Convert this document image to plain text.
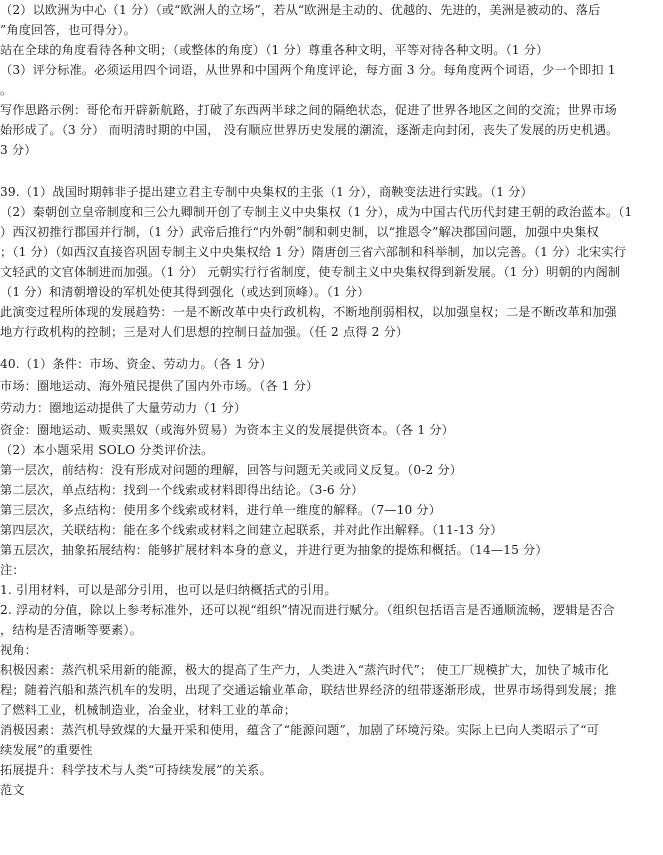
（2）以欧洲为中心（1 分）（或“欧洲人的立场”，若从“欧洲是主动的、优越的、先进的，美洲是被动的、落后
”角度回答，也可得分）。
站在全球的角度看待各种文明；（或整体的角度）（1 分）尊重各种文明，平等对待各种文明。（1 分）
（3）评分标准。必须运用四个词语，从世界和中国两个角度评论，每方面 3 分。每角度两个词语，少一个即扣 1
。
写作思路示例：哥伦布开辟新航路，打破了东西两半球之间的隔绝状态，促进了世界各地区之间的交流；世界市场
始形成了。（3 分） 而明清时期的中国， 没有顺应世界历史发展的潮流，逐渐走向封闭，丧失了发展的历史机遇。
3 分）
39.（1）战国时期韩非子提出建立君主专制中央集权的主张（1 分），商鞅变法进行实践。（1 分）
（2）秦朝创立皇帝制度和三公九卿制开创了专制主义中央集权（1 分），成为中国古代历代封建王朝的政治蓝本。（1
）西汉初推行郡国并行制，（1 分）武帝后推行“内外朝”制和刺史制，以“推恩令”解决郡国问题，加强中央集权
；（1 分）（如西汉直接咨巩固专制主义中央集权给 1 分）隋唐创三省六部制和科举制，加以完善。（1 分）北宋实行
文轻武的文官体制进而加强。（1 分） 元朝实行行省制度，使专制主义中央集权得到新发展。（1 分）明朝的内阁制
（1 分）和清朝增设的军机处使其得到强化（或达到顶峰）。（1 分）
此演变过程所体现的发展趋势：一是不断改革中央行政机构，不断地削弱相权，以加强皇权；二是不断改革和加强
地方行政机构的控制；三是对人们思想的控制日益加强。（任 2 点得 2 分）
40.（1）条件：市场、资金、劳动力。（各 1 分）
市场：圈地运动、海外殖民提供了国内外市场。（各 1 分）
劳动力：圈地运动提供了大量劳动力（1 分）
资金：圈地运动、贩卖黑奴（或海外贸易）为资本主义的发展提供资本。（各 1 分）
（2）本小题采用 SOLO 分类评价法。
第一层次，前结构：没有形成对问题的理解，回答与问题无关或同义反复。（0-2 分）
第二层次，单点结构：找到一个线索或材料即得出结论。（3-6 分）
第三层次，多点结构：使用多个线索或材料，进行单一维度的解释。（7—10 分）
第四层次，关联结构：能在多个线索或材料之间建立起联系，并对此作出解释。（11-13 分）
第五层次，抽象拓展结构：能够扩展材料本身的意义，并进行更为抽象的提炼和概括。（14—15 分）
注：
1. 引用材料，可以是部分引用，也可以是归纳概括式的引用。
2. 浮动的分值，除以上参考标准外，还可以视“组织”情况而进行赋分。（组织包括语言是否通顺流畅，逻辑是否合
，结构是否清晰等要素）。
视角：
积极因素：蒸汽机采用新的能源，极大的提高了生产力，人类进入“蒸汽时代”； 使工厂规模扩大，加快了城市化
程；随着汽船和蒸汽机车的发明，出现了交通运输业革命，联结世界经济的纽带逐渐形成，世界市场得到发展；推
了燃料工业，机械制造业，冶金业，材料工业的革命；
消极因素：蒸汽机导致煤的大量开采和使用，蕴含了“能源问题”，加剧了环境污染。实际上已向人类昭示了“可
续发展”的重要性
拓展提升：科学技术与人类“可持续发展”的关系。
范文
